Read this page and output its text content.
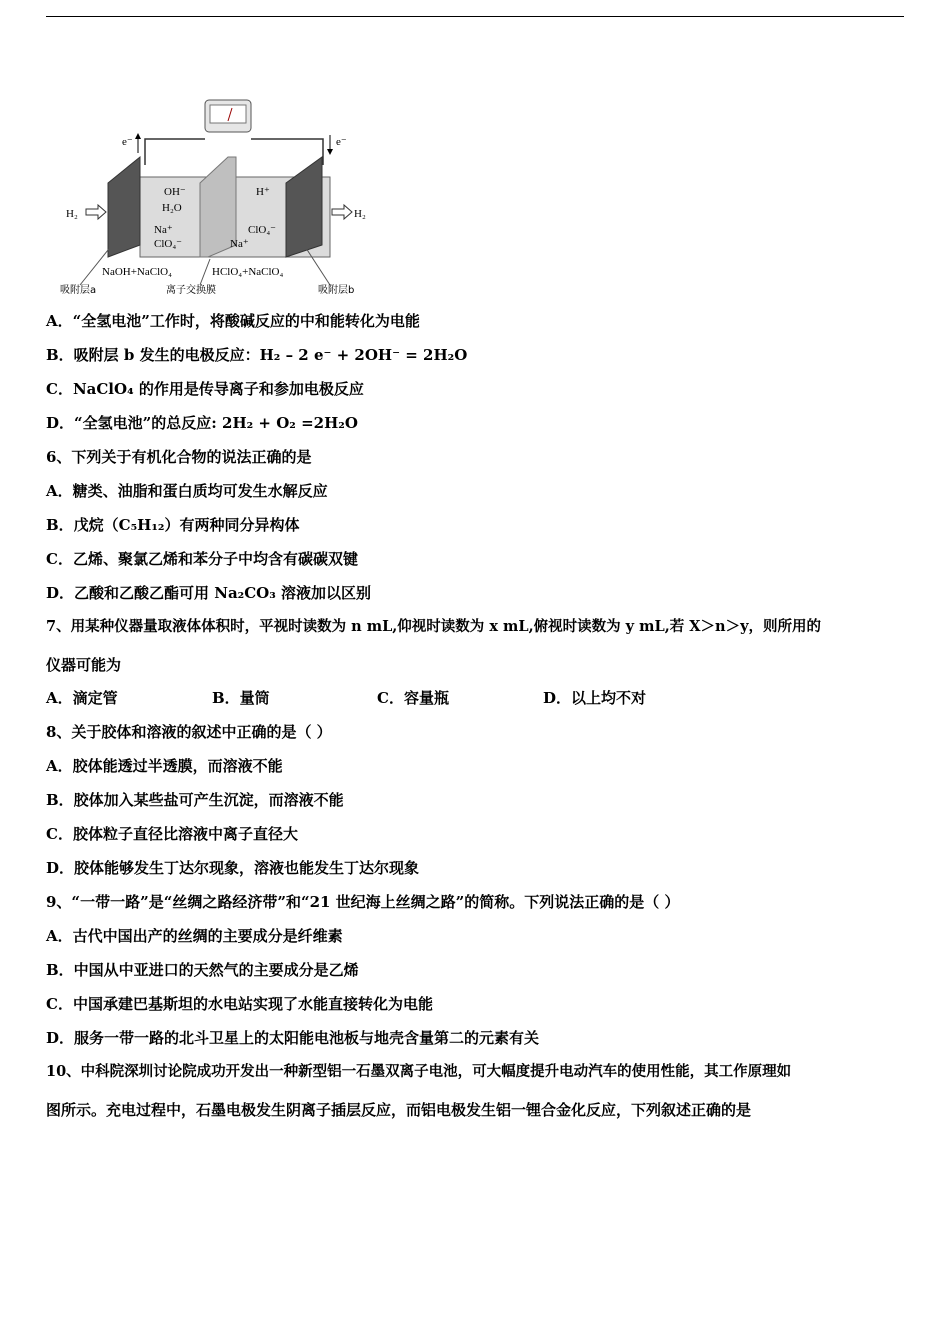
e⁻	e⁻
H₂	H₂
OH⁻
H₂O
Na⁺
ClO₄⁻
H⁺
ClO₄⁻
Na⁺
NaOH+NaClO₄	HClO₄+NaClO₄
吸附层a	离子交换膜	吸附层b
A．“全氢电池”工作时，将酸碱反应的中和能转化为电能
B．吸附层 b 发生的电极反应：H₂ – 2 e⁻ + 2OH⁻ = 2H₂O
C．NaClO₄ 的作用是传导离子和参加电极反应
D．“全氢电池”的总反应: 2H₂ + O₂ =2H₂O
6、下列关于有机化合物的说法正确的是
A．糖类、油脂和蛋白质均可发生水解反应
B．戊烷（C₅H₁₂）有两种同分异构体
C．乙烯、聚氯乙烯和苯分子中均含有碳碳双键
D．乙酸和乙酸乙酯可用 Na₂CO₃ 溶液加以区别
7、用某种仪器量取液体体积时，平视时读数为 n mL,仰视时读数为 x mL,俯视时读数为 y mL,若 X＞n＞y，则所用的
仪器可能为
A．滴定管	B．量筒	C．容量瓶	D．以上均不对
8、关于胶体和溶液的叙述中正确的是（ ）
A．胶体能透过半透膜，而溶液不能
B．胶体加入某些盐可产生沉淀，而溶液不能
C．胶体粒子直径比溶液中离子直径大
D．胶体能够发生丁达尔现象，溶液也能发生丁达尔现象
9、“一带一路”是“丝绸之路经济带”和“21 世纪海上丝绸之路”的简称。下列说法正确的是（ ）
A．古代中国出产的丝绸的主要成分是纤维素
B．中国从中亚进口的天然气的主要成分是乙烯
C．中国承建巴基斯坦的水电站实现了水能直接转化为电能
D．服务一带一路的北斗卫星上的太阳能电池板与地壳含量第二的元素有关
10、中科院深圳讨论院成功开发出一种新型铝一石墨双离子电池，可大幅度提升电动汽车的使用性能，其工作原理如
图所示。充电过程中，石墨电极发生阴离子插层反应，而铝电极发生铝一锂合金化反应，下列叙述正确的是
